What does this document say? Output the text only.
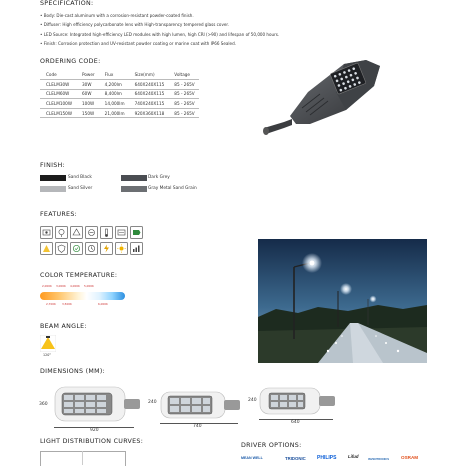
SPECIFICATION:
• Body: Die-cast aluminum with a corrosion-resistant powder-coated finish.
• Diffuser: High efficiency polycarbonate lens with High-transparency tempered glass cover.
• LED Source: Integrated high-efficiency LED modules with high lumen, high CRI (>90) and lifespan of 50,000 hours.
• Finish: Corrosion protection and UV-resistant powder coating or marine coat with IP66 Sealed.
ORDERING CODE:
Code	Power	Flux	Size(mm)	Voltage
CLELM30W	30W	4,200lm	640X240X115	85 - 265V
CLELM60W	60W	8,400lm	640X240X115	85 - 265V
CLELM100W	100W	14,000lm	740X240X115	85 - 265V
CLELM150W	150W	21,000lm	920X360X118	85 - 265V
FINISH:
Sand Black	Dark Grey
Sand Silver	Gray Metal Sand Grain
FEATURES:
COLOR TEMPERATURE:
2,000K 3,000K 4,000K 5,000K
2,700K 3,500K	6,000K
BEAM ANGLE:
120°
DIMENSIONS (MM):
360
920
240
740
240
640
LIGHT DISTRIBUTION CURVES:
DRIVER OPTIONS:
MEAN WELL	TRIDONIC PHILIPS	Lifud	INVENTRONICS	OSRAM
